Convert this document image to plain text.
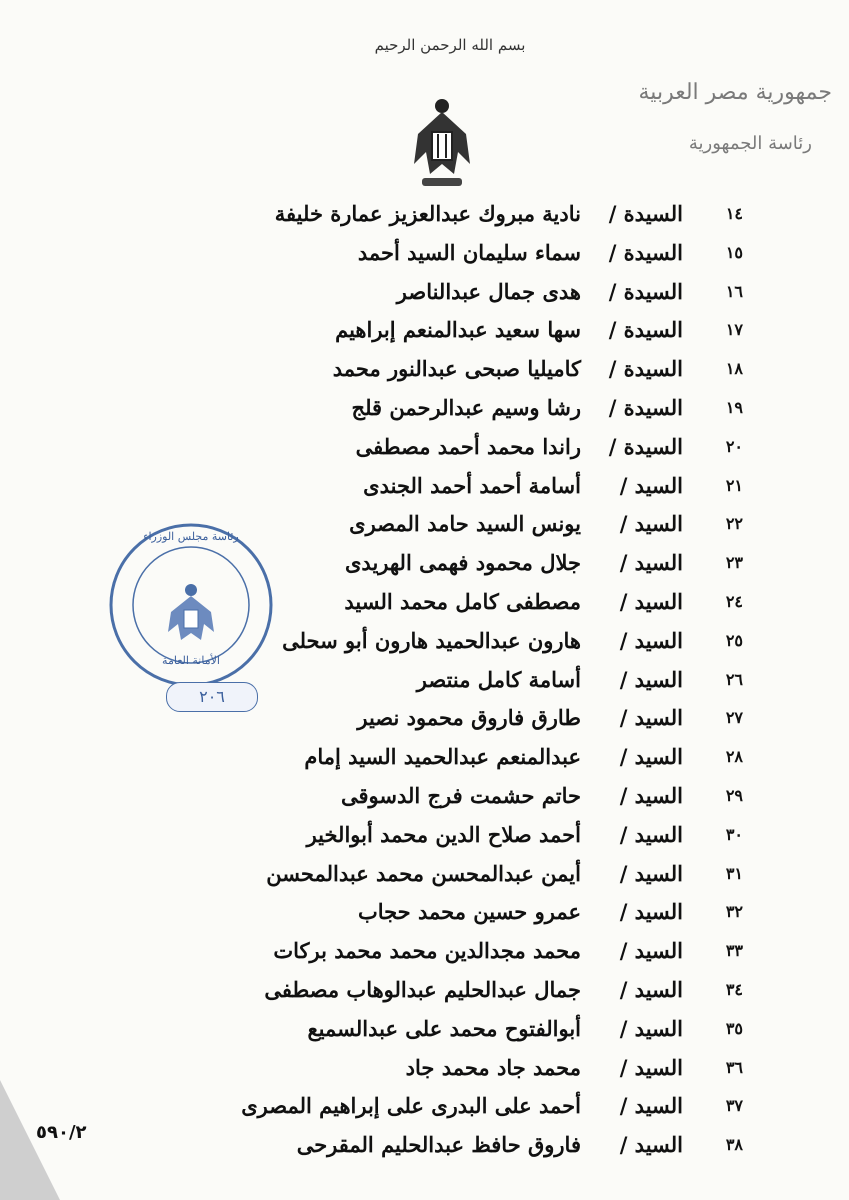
بسم الله الرحمن الرحيم
جمهورية مصر العربية
رئاسة الجمهورية
رئاسة مجلس الوزراء
الأمانة العامة
٢٠٦
١٤
السيدة /
نادية مبروك عبدالعزيز عمارة خليفة
١٥
السيدة /
سماء سليمان السيد أحمد
١٦
السيدة /
هدى جمال عبدالناصر
١٧
السيدة /
سها سعيد عبدالمنعم إبراهيم
١٨
السيدة /
كاميليا صبحى عبدالنور محمد
١٩
السيدة /
رشا وسيم عبدالرحمن قلج
٢٠
السيدة /
راندا محمد أحمد مصطفى
٢١
السيد /
أسامة أحمد أحمد الجندى
٢٢
السيد /
يونس السيد حامد المصرى
٢٣
السيد /
جلال محمود فهمى الهريدى
٢٤
السيد /
مصطفى كامل محمد السيد
٢٥
السيد /
هارون عبدالحميد هارون أبو سحلى
٢٦
السيد /
أسامة كامل منتصر
٢٧
السيد /
طارق فاروق محمود نصير
٢٨
السيد /
عبدالمنعم عبدالحميد السيد إمام
٢٩
السيد /
حاتم حشمت فرج الدسوقى
٣٠
السيد /
أحمد صلاح الدين محمد أبوالخير
٣١
السيد /
أيمن عبدالمحسن محمد عبدالمحسن
٣٢
السيد /
عمرو حسين محمد حجاب
٣٣
السيد /
محمد مجدالدين محمد محمد بركات
٣٤
السيد /
جمال عبدالحليم عبدالوهاب مصطفى
٣٥
السيد /
أبوالفتوح محمد على عبدالسميع
٣٦
السيد /
محمد جاد محمد جاد
٣٧
السيد /
أحمد على البدرى على إبراهيم المصرى
٣٨
السيد /
فاروق حافظ عبدالحليم المقرحى
٥٩٠/٢
